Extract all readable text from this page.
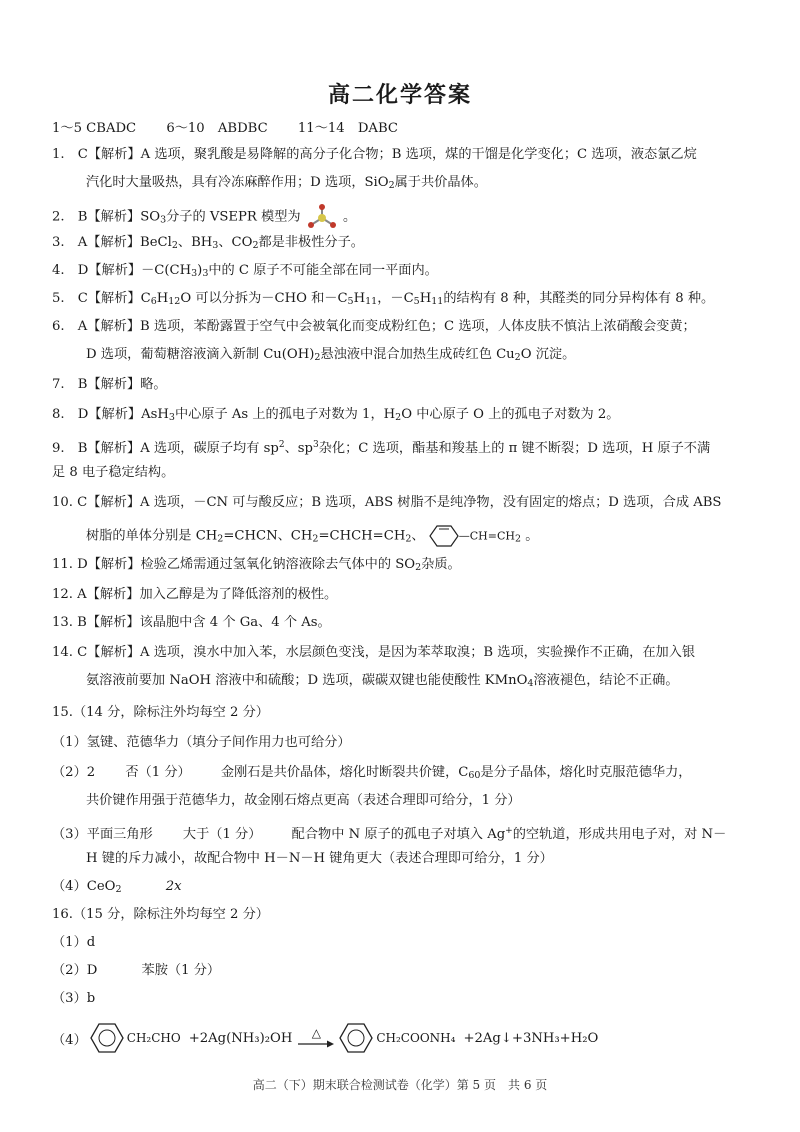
高二化学答案
1～5 CBADC 6～10　ABDBC 11～14　DABC
1.　C【解析】A 选项，聚乳酸是易降解的高分子化合物；B 选项，煤的干馏是化学变化；C 选项，液态氯乙烷
汽化时大量吸热，具有冷冻麻醉作用；D 选项，SiO$_2$属于共价晶体。
2.　B【解析】$SO_3$分子的 VSEPR 模型为	。
3.　A【解析】BeCl$_2$、$BH_3$、$CO_2$都是非极性分子。
4.　D【解析】$-C(CH_3)_3$中的 C 原子不可能全部在同一平面内。
5.　C【解析】$C_6H_{12}O$ 可以分拆为－CHO 和$-C_5H_{11}$，$-C_5H_{11}$的结构有 8 种，其醛类的同分异构体有 8 种。
6.　A【解析】B 选项，苯酚露置于空气中会被氧化而变成粉红色；C 选项，人体皮肤不慎沾上浓硝酸会变黄；
D 选项，葡萄糖溶液滴入新制 $Cu(OH)_2$悬浊液中混合加热生成砖红色 $Cu_2O$ 沉淀。
7.　B【解析】略。
8.　D【解析】AsH$_3$中心原子 As 上的孤电子对数为 1，$H_2O$ 中心原子 O 上的孤电子对数为 2。
9.　B【解析】A 选项，碳原子均有 $sp^2$、$sp^3$杂化；C 选项，酯基和羧基上的 π 键不断裂；D 选项，H 原子不满
足 8 电子稳定结构。
10. C【解析】A 选项，－CN 可与酸反应；B 选项，ABS 树脂不是纯净物，没有固定的熔点；D 选项，合成 ABS
树脂的单体分别是 $CH_2=CHCN$、$CH_2=CHCH=CH_2$、	$—CH=CH_2$ 。
11. D【解析】检验乙烯需通过氢氧化钠溶液除去气体中的 $SO_2$杂质。
12. A【解析】加入乙醇是为了降低溶剂的极性。
13. B【解析】该晶胞中含 4 个 Ga、4 个 As。
14. C【解析】A 选项，溴水中加入苯，水层颜色变浅，是因为苯萃取溴；B 选项，实验操作不正确，在加入银
氨溶液前要加 NaOH 溶液中和硫酸；D 选项，碳碳双键也能使酸性 KMnO$_4$溶液褪色，结论不正确。
15.（14 分，除标注外均每空 2 分）
（1）氢键、范德华力（填分子间作用力也可给分）
（2）2 否（1 分） 金刚石是共价晶体，熔化时断裂共价键，$C_{60}$是分子晶体，熔化时克服范德华力，
共价键作用强于范德华力，故金刚石熔点更高（表述合理即可给分，1 分）
（3）平面三角形 大于（1 分） 配合物中 N 原子的孤电子对填入 Ag+的空轨道，形成共用电子对，对 N－
H 键的斥力减小，故配合物中 H－N－H 键角更大（表述合理即可给分，1 分）
（4）CeO$_2$	2x
16.（15 分，除标注外均每空 2 分）
（1）d
（2）D	苯胺（1 分）
（3）b
（4）	CH₂CHO +2Ag(NH₃)₂OH △	CH₂COONH₄ +2Ag↓+3NH₃+H₂O
高二（下）期末联合检测试卷（化学）第 5 页　共 6 页
